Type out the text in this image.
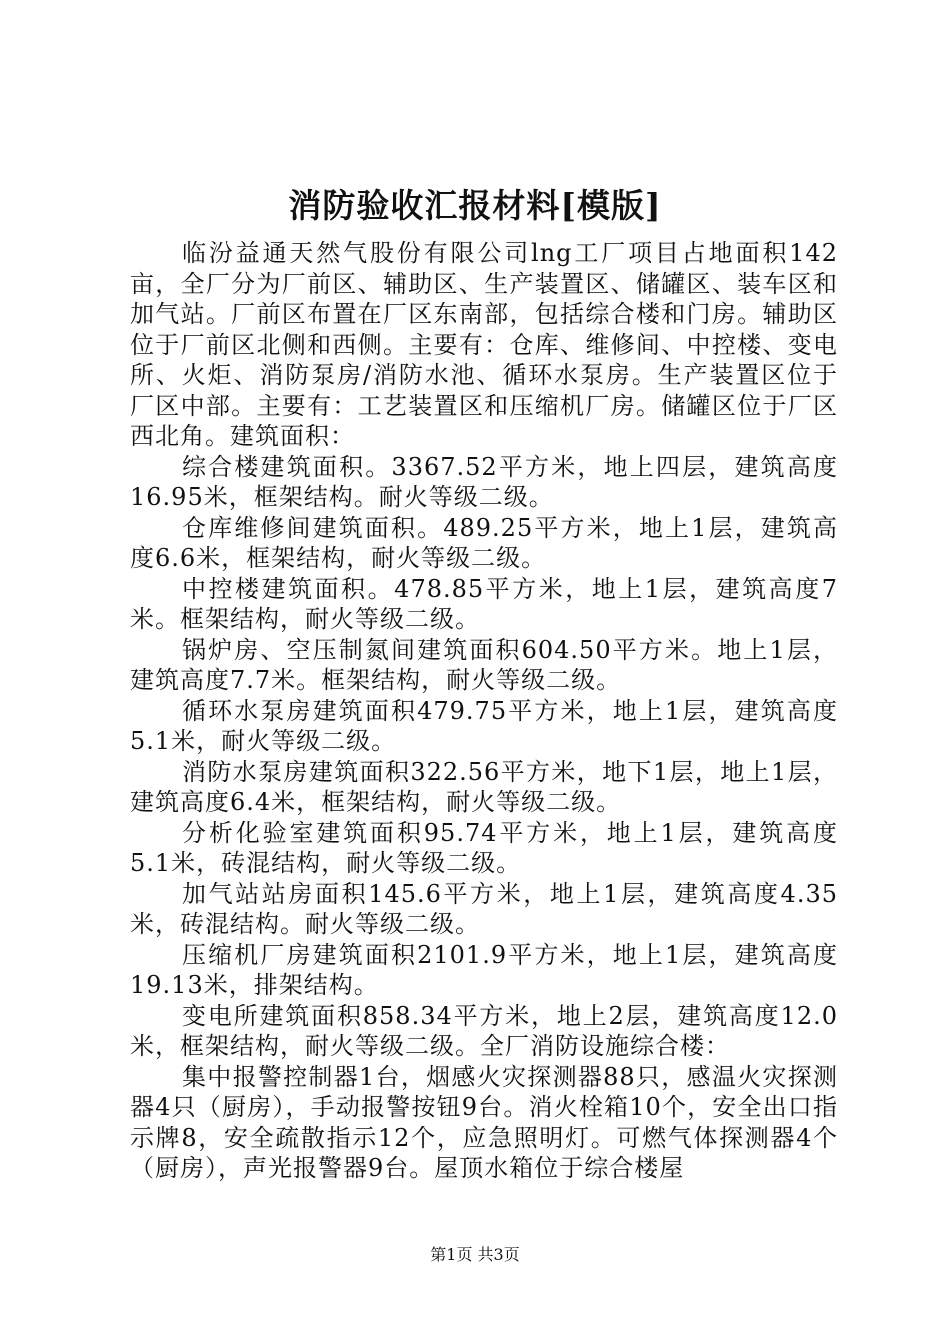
消防验收汇报材料[模版]

临汾益通天然气股份有限公司lng工厂项目占地面积142亩，全厂分为厂前区、辅助区、生产装置区、储罐区、装车区和加气站。厂前区布置在厂区东南部，包括综合楼和门房。辅助区位于厂前区北侧和西侧。主要有：仓库、维修间、中控楼、变电所、火炬、消防泵房/消防水池、循环水泵房。生产装置区位于厂区中部。主要有：工艺装置区和压缩机厂房。储罐区位于厂区西北角。建筑面积：

综合楼建筑面积。3367.52平方米，地上四层，建筑高度16.95米，框架结构。耐火等级二级。

仓库维修间建筑面积。489.25平方米，地上1层，建筑高度6.6米，框架结构，耐火等级二级。

中控楼建筑面积。478.85平方米，地上1层，建筑高度7米。框架结构，耐火等级二级。

锅炉房、空压制氮间建筑面积604.50平方米。地上1层，建筑高度7.7米。框架结构，耐火等级二级。

循环水泵房建筑面积479.75平方米，地上1层，建筑高度5.1米，耐火等级二级。

消防水泵房建筑面积322.56平方米，地下1层，地上1层，建筑高度6.4米，框架结构，耐火等级二级。

分析化验室建筑面积95.74平方米，地上1层，建筑高度5.1米，砖混结构，耐火等级二级。

加气站站房面积145.6平方米，地上1层，建筑高度4.35米，砖混结构。耐火等级二级。

压缩机厂房建筑面积2101.9平方米，地上1层，建筑高度19.13米，排架结构。

变电所建筑面积858.34平方米，地上2层，建筑高度12.0米，框架结构，耐火等级二级。全厂消防设施综合楼：

集中报警控制器1台，烟感火灾探测器88只，感温火灾探测器4只（厨房），手动报警按钮9台。消火栓箱10个，安全出口指示牌8，安全疏散指示12个，应急照明灯。可燃气体探测器4个（厨房），声光报警器9台。屋顶水箱位于综合楼屋

第1页 共3页
